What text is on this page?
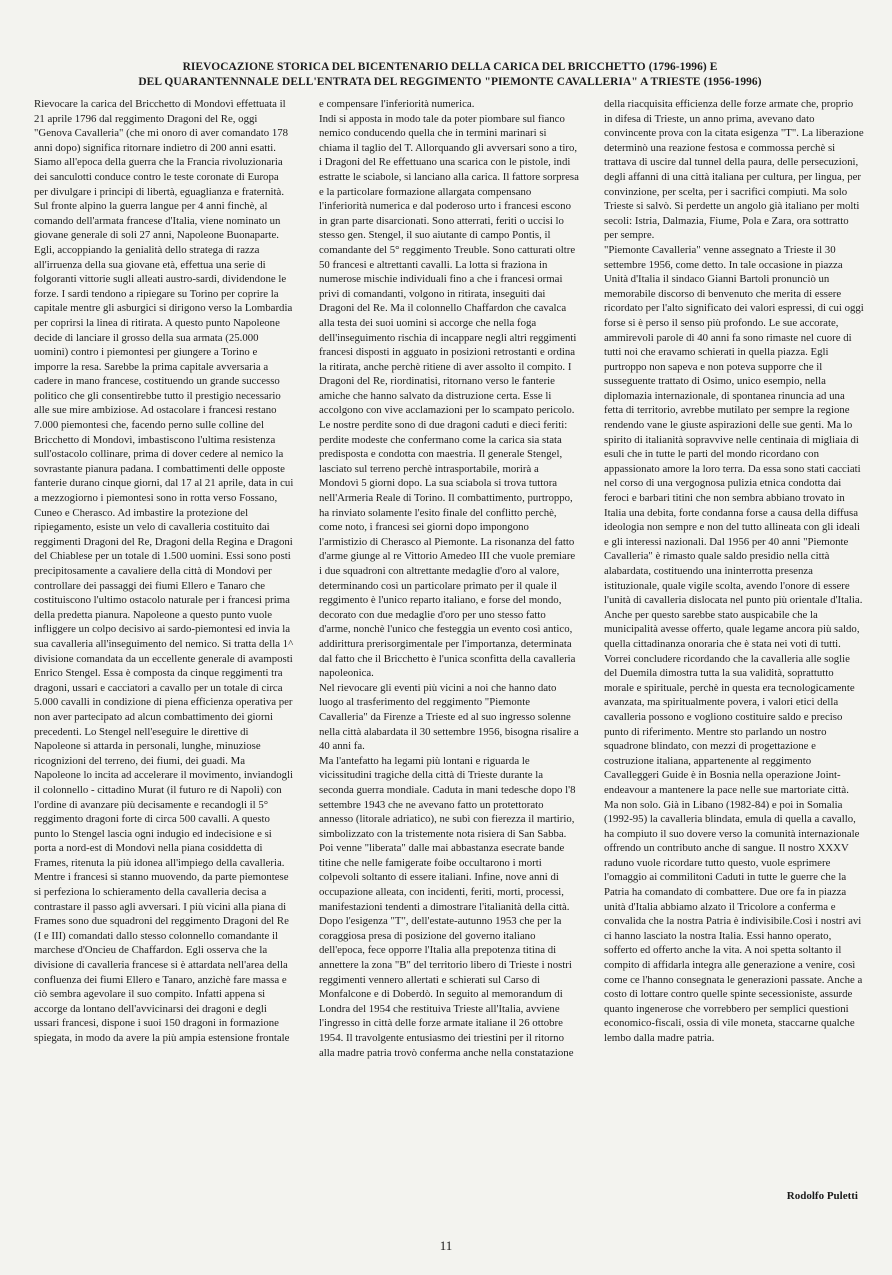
RIEVOCAZIONE STORICA DEL BICENTENARIO DELLA CARICA DEL BRICCHETTO (1796-1996) E
DEL QUARANTENNNALE DELL'ENTRATA DEL REGGIMENTO "PIEMONTE CAVALLERIA" A TRIESTE (1956-1996)

Rievocare la carica del Bricchetto di Mondovì effettuata il 21 aprile 1796 dal reggimento Dragoni del Re, oggi "Genova Cavalleria" (che mi onoro di aver comandato 178 anni dopo) significa ritornare indietro di 200 anni esatti. Siamo all'epoca della guerra che la Francia rivoluzionaria dei sanculotti conduce contro le teste coronate di Europa per divulgare i principi di libertà, eguaglianza e fraternità. Sul fronte alpino la guerra langue per 4 anni finchè, al comando dell'armata francese d'Italia, viene nominato un giovane generale di soli 27 anni, Napoleone Buonaparte. Egli, accoppiando la genialità dello stratega di razza all'irruenza della sua giovane età, effettua una serie di folgoranti vittorie sugli alleati austro-sardi, dividendone le forze. I sardi tendono a ripiegare su Torino per coprire la capitale mentre gli asburgici si dirigono verso la Lombardia per coprirsi la linea di ritirata. A questo punto Napoleone decide di lanciare il grosso della sua armata (25.000 uomini) contro i piemontesi per giungere a Torino e imporre la resa. Sarebbe la prima capitale avversaria a cadere in mano francese, costituendo un grande successo politico che gli consentirebbe tutto il prestigio necessario alle sue mire ambiziose. Ad ostacolare i francesi restano 7.000 piemontesi che, facendo perno sulle colline del Bricchetto di Mondovì, imbastiscono l'ultima resistenza sull'ostacolo collinare, prima di dover cedere al nemico la sovrastante pianura padana. I combattimenti delle opposte fanterie durano cinque giorni, dal 17 al 21 aprile, data in cui a mezzogiorno i piemontesi sono in rotta verso Fossano, Cuneo e Cherasco. Ad imbastire la protezione del ripiegamento, esiste un velo di cavalleria costituito dai reggimenti Dragoni del Re, Dragoni della Regina e Dragoni del Chiablese per un totale di 1.500 uomini. Essi sono posti precipitosamente a cavaliere della città di Mondovì per controllare dei passaggi dei fiumi Ellero e Tanaro che costituiscono l'ultimo ostacolo naturale per i francesi prima della predetta pianura. Napoleone a questo punto vuole infliggere un colpo decisivo ai sardo-piemontesi ed invia la sua cavalleria all'inseguimento del nemico. Si tratta della 1^ divisione comandata da un eccellente generale di avamposti Enrico Stengel. Essa è composta da cinque reggimenti tra dragoni, ussari e cacciatori a cavallo per un totale di circa 5.000 cavalli in condizione di piena efficienza operativa per non aver partecipato ad alcun combattimento dei giorni precedenti. Lo Stengel nell'eseguire le direttive di Napoleone si attarda in personali, lunghe, minuziose ricognizioni del terreno, dei fiumi, dei guadi. Ma Napoleone lo incita ad accelerare il movimento, inviandogli il colonnello - cittadino Murat (il futuro re di Napoli) con l'ordine di avanzare più decisamente e recandogli il 5° reggimento dragoni forte di circa 500 cavalli. A questo punto lo Stengel lascia ogni indugio ed indecisione e si porta a nord-est di Mondovì nella piana cosiddetta di Frames, ritenuta la più idonea all'impiego della cavalleria. Mentre i francesi si stanno muovendo, da parte piemontese si perfeziona lo schieramento della cavalleria decisa a contrastare il passo agli avversari. I più vicini alla piana di Frames sono due squadroni del reggimento Dragoni del Re (I e III) comandati dallo stesso colonnello comandante il marchese d'Oncieu de Chaffardon. Egli osserva che la divisione di cavalleria francese si è attardata nell'area della confluenza dei fiumi Ellero e Tanaro, anzichè fare massa e ciò sembra agevolare il suo compito. Infatti appena si accorge da lontano dell'avvicinarsi dei dragoni e degli ussari francesi, dispone i suoi 150 dragoni in formazione spiegata, in modo da avere la più ampia estensione frontale

e compensare l'inferiorità numerica.

Indi si apposta in modo tale da poter piombare sul fianco nemico conducendo quella che in termini marinari si chiama il taglio del T. Allorquando gli avversari sono a tiro, i Dragoni del Re effettuano una scarica con le pistole, indi estratte le sciabole, si lanciano alla carica. Il fattore sorpresa e la particolare formazione allargata compensano l'inferiorità numerica e dal poderoso urto i francesi escono in gran parte disarcionati. Sono atterrati, feriti o uccisi lo stesso gen. Stengel, il suo aiutante di campo Pontis, il comandante del 5° reggimento Treuble. Sono catturati oltre 50 francesi e altrettanti cavalli. La lotta si fraziona in numerose mischie individuali fino a che i francesi ormai privi di comandanti, volgono in ritirata, inseguiti dai Dragoni del Re. Ma il colonnello Chaffardon che cavalca alla testa dei suoi uomini si accorge che nella foga dell'inseguimento rischia di incappare negli altri reggimenti francesi disposti in agguato in posizioni retrostanti e ordina la ritirata, anche perchè ritiene di aver assolto il compito. I Dragoni del Re, riordinatisi, ritornano verso le fanterie amiche che hanno salvato da distruzione certa. Esse li accolgono con vive acclamazioni per lo scampato pericolo. Le nostre perdite sono di due dragoni caduti e dieci feriti: perdite modeste che confermano come la carica sia stata predisposta e condotta con maestria. Il generale Stengel, lasciato sul terreno perchè intrasportabile, morirà a Mondovì 5 giorni dopo. La sua sciabola si trova tuttora nell'Armeria Reale di Torino. Il combattimento, purtroppo, ha rinviato solamente l'esito finale del conflitto perchè, come noto, i francesi sei giorni dopo impongono l'armistizio di Cherasco al Piemonte. La risonanza del fatto d'arme giunge al re Vittorio Amedeo III che vuole premiare i due squadroni con altrettante medaglie d'oro al valore, determinando così un particolare primato per il quale il reggimento è l'unico reparto italiano, e forse del mondo, decorato con due medaglie d'oro per uno stesso fatto d'arme, nonchè l'unico che festeggia un evento così antico, addirittura prerisorgimentale per l'importanza, determinata dal fatto che il Bricchetto è l'unica sconfitta della cavalleria napoleonica.

Nel rievocare gli eventi più vicini a noi che hanno dato luogo al trasferimento del reggimento "Piemonte Cavalleria" da Firenze a Trieste ed al suo ingresso solenne nella città alabardata il 30 settembre 1956, bisogna risalire a 40 anni fa.

Ma l'antefatto ha legami più lontani e riguarda le vicissitudini tragiche della città di Trieste durante la seconda guerra mondiale. Caduta in mani tedesche dopo l'8 settembre 1943 che ne avevano fatto un protettorato annesso (litorale adriatico), ne subì con fierezza il martirio, simbolizzato con la tristemente nota risiera di San Sabba. Poi venne "liberata" dalle mai abbastanza esecrate bande titine che nelle famigerate foibe occultarono i morti colpevoli soltanto di essere italiani. Infine, nove anni di occupazione alleata, con incidenti, feriti, morti, processi, manifestazioni tendenti a dimostrare l'italianità della città. Dopo l'esigenza "T", dell'estate-autunno 1953 che per la coraggiosa presa di posizione del governo italiano dell'epoca, fece opporre l'Italia alla prepotenza titina di annettere la zona "B" del territorio libero di Trieste i nostri reggimenti vennero allertati e schierati sul Carso di Monfalcone e di Doberdò. In seguito al memorandum di Londra del 1954 che restituiva Trieste all'Italia, avviene l'ingresso in città delle forze armate italiane il 26 ottobre 1954. Il travolgente entusiasmo dei triestini per il ritorno alla madre patria trovò conferma anche nella constatazione

della riacquisita efficienza delle forze armate che, proprio in difesa di Trieste, un anno prima, avevano dato convincente prova con la citata esigenza "T". La liberazione determinò una reazione festosa e commossa perchè si trattava di uscire dal tunnel della paura, delle persecuzioni, degli affanni di una città italiana per cultura, per lingua, per convinzione, per scelta, per i sacrifici compiuti. Ma solo Trieste si salvò. Si perdette un angolo già italiano per molti secoli: Istria, Dalmazia, Fiume, Pola e Zara, ora sottratto per sempre.

"Piemonte Cavalleria" venne assegnato a Trieste il 30 settembre 1956, come detto. In tale occasione in piazza Unità d'Italia il sindaco Gianni Bartoli pronunciò un memorabile discorso di benvenuto che merita di essere ricordato per l'alto significato dei valori espressi, di cui oggi forse si è perso il senso più profondo. Le sue accorate, ammirevoli parole di 40 anni fa sono rimaste nel cuore di tutti noi che eravamo schierati in quella piazza. Egli purtroppo non sapeva e non poteva supporre che il susseguente trattato di Osimo, unico esempio, nella diplomazia internazionale, di spontanea rinuncia ad una fetta di territorio, avrebbe mutilato per sempre la regione rendendo vane le giuste aspirazioni delle sue genti. Ma lo spirito di italianità sopravvive nelle centinaia di migliaia di esuli che in tutte le parti del mondo ricordano con appassionato amore la loro terra. Da essa sono stati cacciati nel corso di una vergognosa pulizia etnica condotta dai feroci e barbari titini che non sembra abbiano trovato in Italia una debita, forte condanna forse a causa della diffusa ideologia non sempre e non del tutto allineata con gli ideali e gli interessi nazionali. Dal 1956 per 40 anni "Piemonte Cavalleria" è rimasto quale saldo presidio nella città alabardata, costituendo una ininterrotta presenza istituzionale, quale vigile scolta, avendo l'onore di essere l'unità di cavalleria dislocata nel punto più orientale d'Italia. Anche per questo sarebbe stato auspicabile che la municipalità avesse offerto, quale legame ancora più saldo, quella cittadinanza onoraria che è stata nei voti di tutti.

Vorrei concludere ricordando che la cavalleria alle soglie del Duemila dimostra tutta la sua validità, soprattutto morale e spirituale, perchè in questa era tecnologicamente avanzata, ma spiritualmente povera, i valori etici della cavalleria possono e vogliono costituire saldo e preciso punto di riferimento. Mentre sto parlando un nostro squadrone blindato, con mezzi di progettazione e costruzione italiana, appartenente al reggimento Cavalleggeri Guide è in Bosnia nella operazione Joint-endeavour a mantenere la pace nelle sue martoriate città. Ma non solo. Già in Libano (1982-84) e poi in Somalia (1992-95) la cavalleria blindata, emula di quella a cavallo, ha compiuto il suo dovere verso la comunità internazionale offrendo un contributo anche di sangue. Il nostro XXXV raduno vuole ricordare tutto questo, vuole esprimere l'omaggio ai commilitoni Caduti in tutte le guerre che la Patria ha comandato di combattere. Due ore fa in piazza unità d'Italia abbiamo alzato il Tricolore a conferma e convalida che la nostra Patria è indivisibile.Così i nostri avi ci hanno lasciato la nostra Italia. Essi hanno operato, sofferto ed offerto anche la vita. A noi spetta soltanto il compito di affidarla integra alle generazione a venire, così come ce l'hanno consegnata le generazioni passate. Anche a costo di lottare contro quelle spinte secessioniste, assurde quanto ingenerose che vorrebbero per semplici questioni economico-fiscali, ossia di vile moneta, staccarne qualche lembo dalla madre patria.

Rodolfo Puletti
11
